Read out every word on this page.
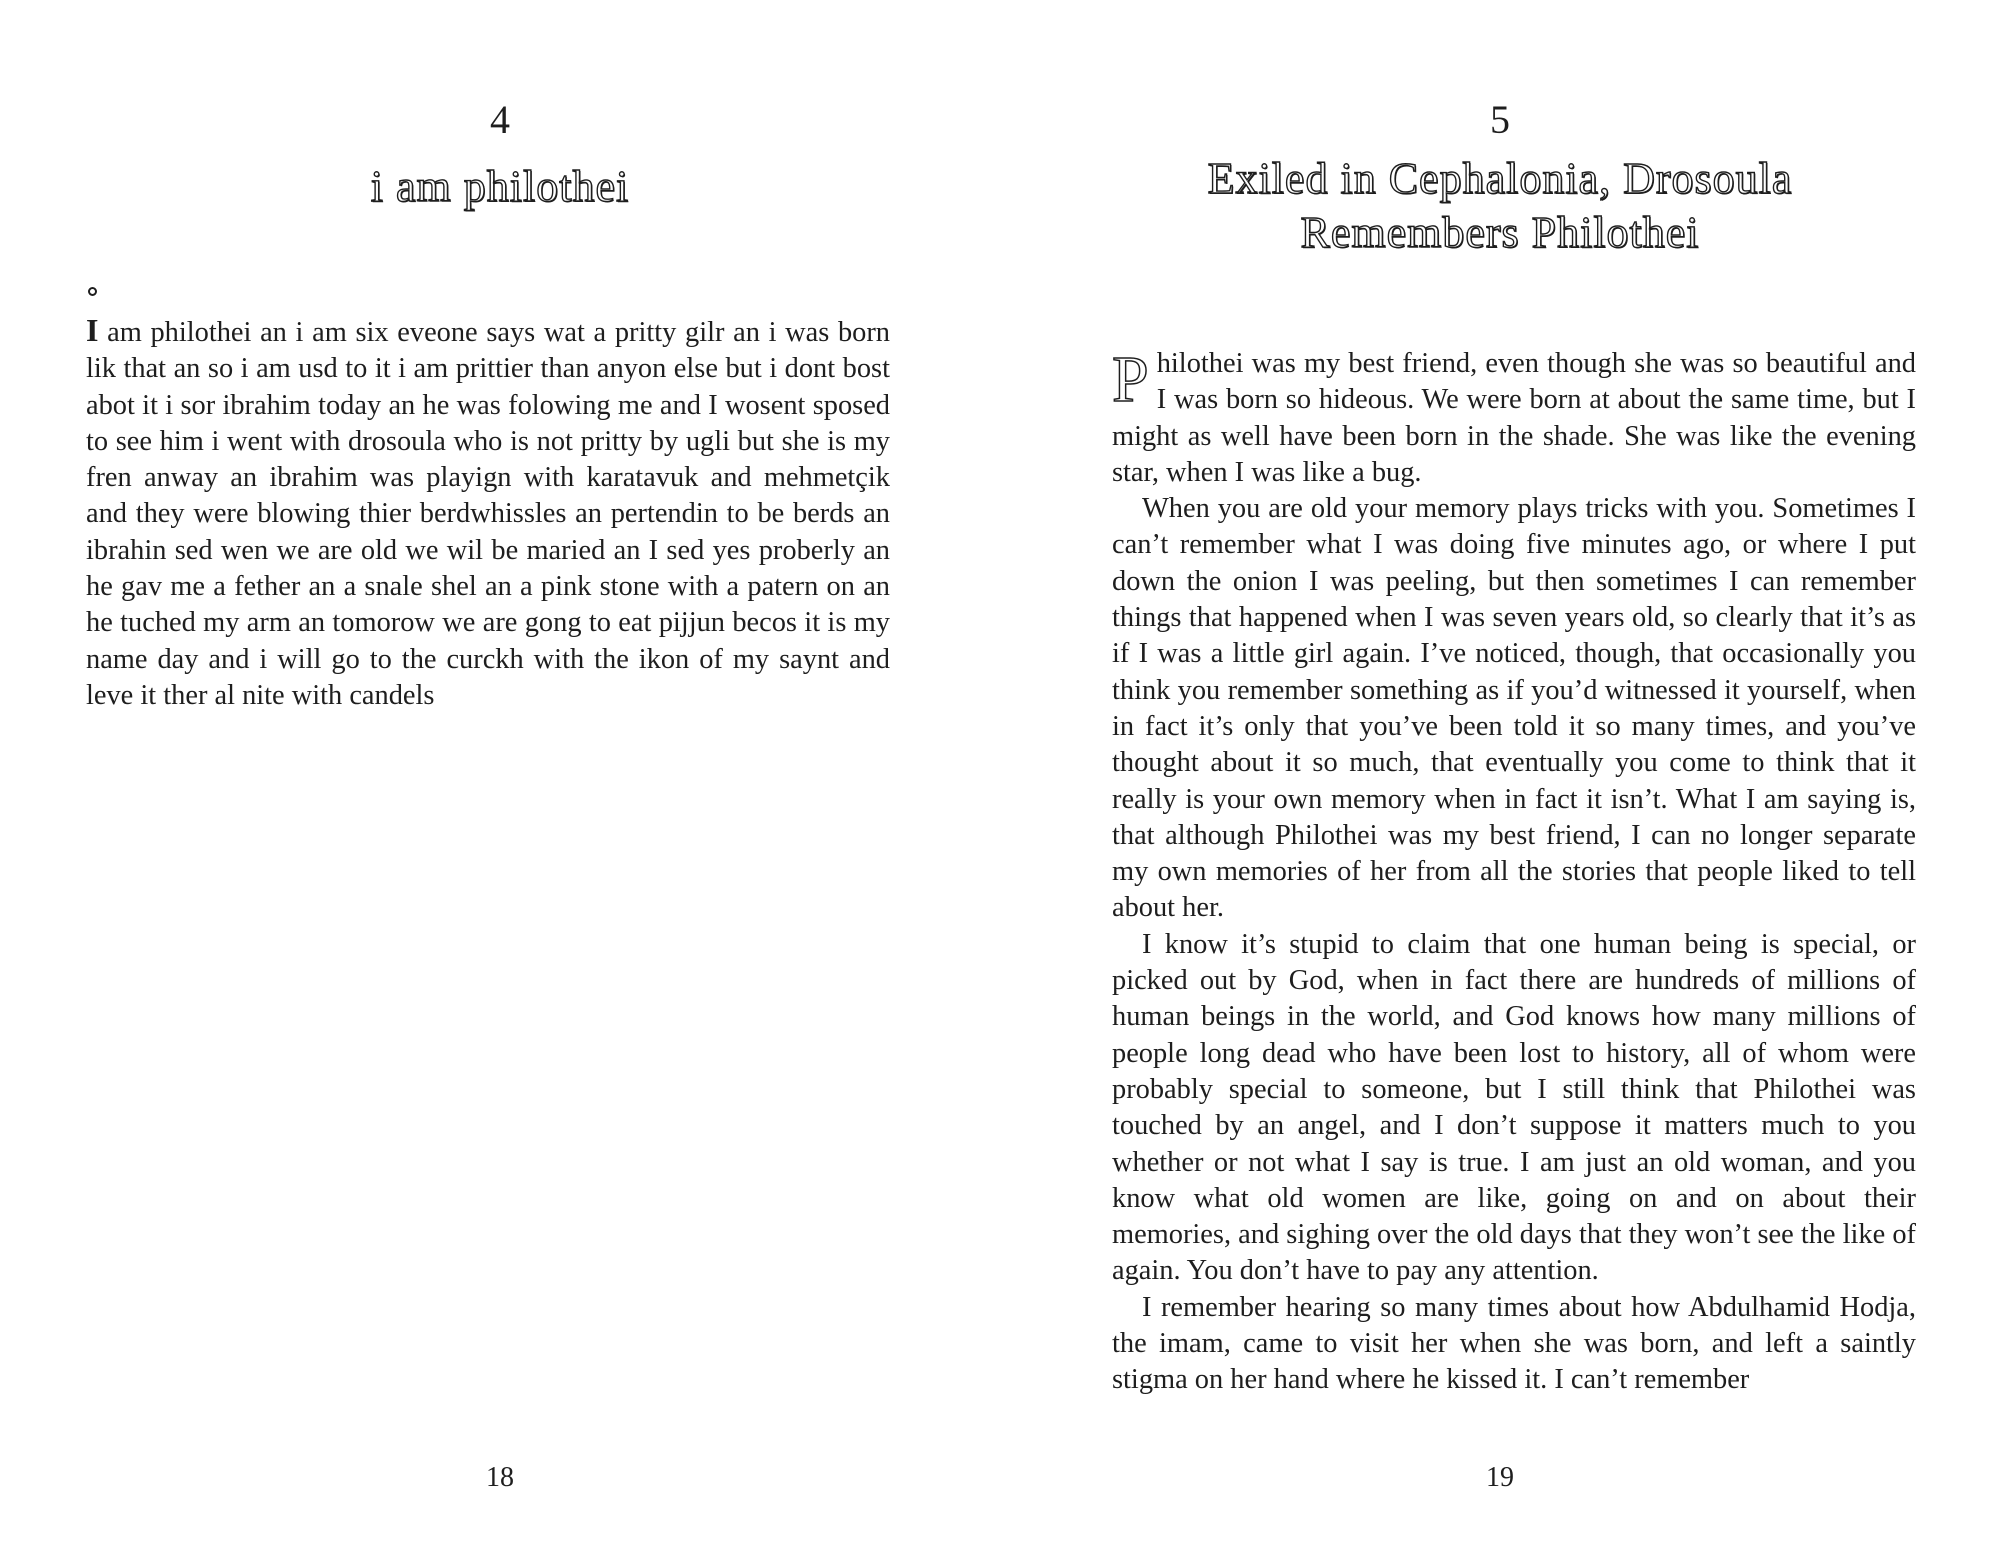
4
i am philothei

I am philothei an i am six eveone says wat a pritty gilr an i was born lik that an so i am usd to it i am prittier than anyon else but i dont bost abot it i sor ibrahim today an he was folowing me and I wosent sposed to see him i went with drosoula who is not pritty by ugli but she is my fren anway an ibrahim was playign with karatavuk and mehmetçik and they were blowing thier berdwhissles an pertendin to be berds an ibrahin sed wen we are old we wil be maried an I sed yes proberly an he gav me a fether an a snale shel an a pink stone with a patern on an he tuched my arm an tomorow we are gong to eat pijjun becos it is my name day and i will go to the curckh with the ikon of my saynt and leve it ther al nite with candels

18
5
Exiled in Cephalonia, Drosoula
Remembers Philothei

Philothei was my best friend, even though she was so beautiful and I was born so hideous. We were born at about the same time, but I might as well have been born in the shade. She was like the evening star, when I was like a bug.

When you are old your memory plays tricks with you. Sometimes I can’t remember what I was doing five minutes ago, or where I put down the onion I was peeling, but then sometimes I can remember things that happened when I was seven years old, so clearly that it’s as if I was a little girl again. I’ve noticed, though, that occasionally you think you remember something as if you’d witnessed it yourself, when in fact it’s only that you’ve been told it so many times, and you’ve thought about it so much, that eventually you come to think that it really is your own memory when in fact it isn’t. What I am saying is, that although Philothei was my best friend, I can no longer separate my own memories of her from all the stories that people liked to tell about her.

I know it’s stupid to claim that one human being is special, or picked out by God, when in fact there are hundreds of millions of human beings in the world, and God knows how many millions of people long dead who have been lost to history, all of whom were probably special to someone, but I still think that Philothei was touched by an angel, and I don’t suppose it matters much to you whether or not what I say is true. I am just an old woman, and you know what old women are like, going on and on about their memories, and sighing over the old days that they won’t see the like of again. You don’t have to pay any attention.

I remember hearing so many times about how Abdulhamid Hodja, the imam, came to visit her when she was born, and left a saintly stigma on her hand where he kissed it. I can’t remember

19
